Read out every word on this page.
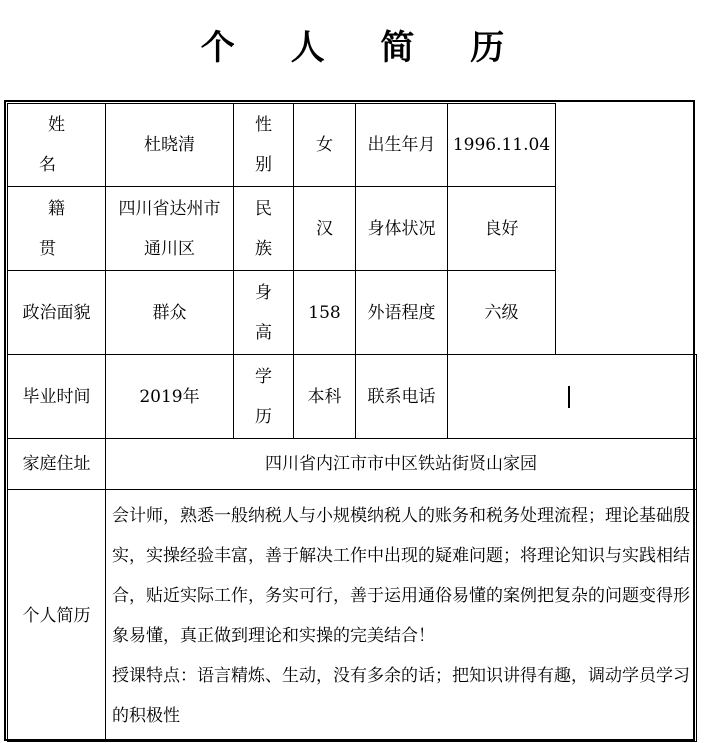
个 人 简 历
姓 名	杜晓清	性别	女	出生年月	1996.11.04	
籍 贯	四川省达州市通川区	民族	汉	身体状况	良好	
政治面貌	群众	身高	158	外语程度	六级	
毕业时间	2019年	学历	本科	联系电话		
家庭住址	四川省内江市市中区铁站街贤山家园					
个人简历	会计师，熟悉一般纳税人与小规模纳税人的账务和税务处理流程；理论基础殷实，实操经验丰富，善于解决工作中出现的疑难问题；将理论知识与实践相结合，贴近实际工作，务实可行，善于运用通俗易懂的案例把复杂的问题变得形象易懂，真正做到理论和实操的完美结合！

授课特点：语言精炼、生动，没有多余的话；把知识讲得有趣，调动学员学习的积极性					
